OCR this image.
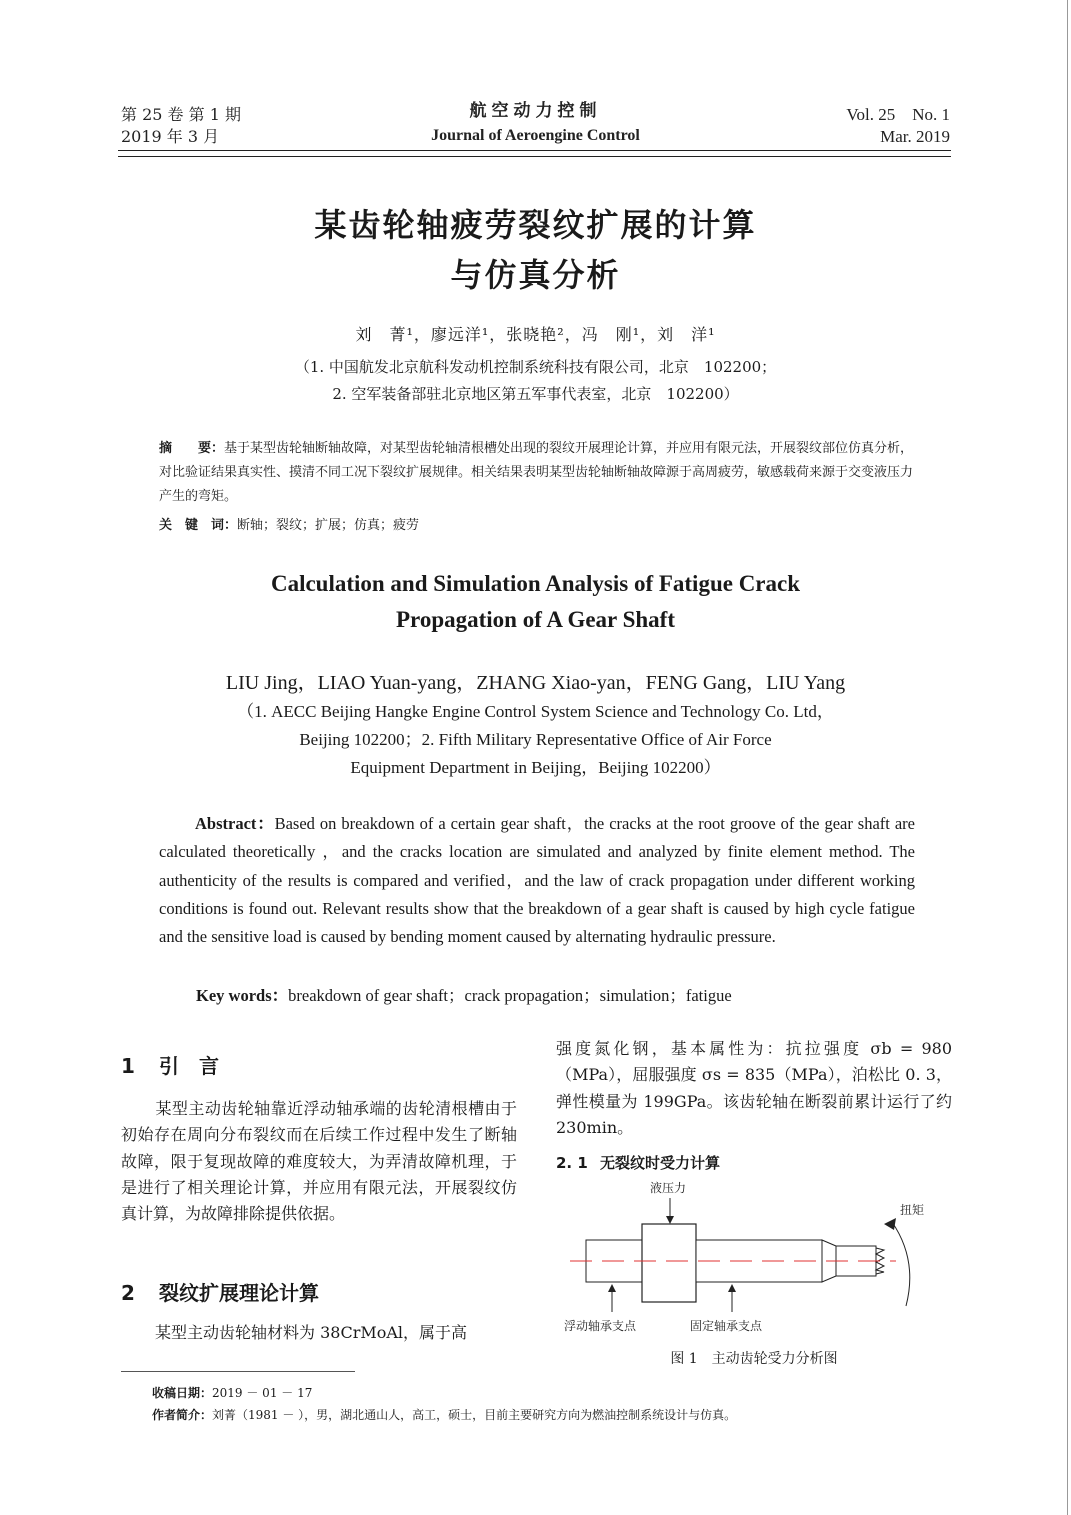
第 25 卷 第 1 期
2019 年 3 月
航空动力控制
Journal of Aeroengine Control
Vol. 25    No. 1
Mar. 2019
某齿轮轴疲劳裂纹扩展的计算
与仿真分析
刘　菁¹，廖远洋¹，张晓艳²，冯　刚¹，刘　洋¹
（1. 中国航发北京航科发动机控制系统科技有限公司，北京　102200；
2. 空军装备部驻北京地区第五军事代表室，北京　102200）
摘　　要：基于某型齿轮轴断轴故障，对某型齿轮轴清根槽处出现的裂纹开展理论计算，并应用有限元法，开展裂纹部位仿真分析，对比验证结果真实性、摸清不同工况下裂纹扩展规律。相关结果表明某型齿轮轴断轴故障源于高周疲劳，敏感载荷来源于交变液压力产生的弯矩。
关　键　词：断轴；裂纹；扩展；仿真；疲劳
Calculation and Simulation Analysis of Fatigue Crack
Propagation of A Gear Shaft
LIU Jing，LIAO Yuan-yang，ZHANG Xiao-yan，FENG Gang，LIU Yang
（1. AECC Beijing Hangke Engine Control System Science and Technology Co. Ltd，
Beijing 102200；2. Fifth Military Representative Office of Air Force
Equipment Department in Beijing，Beijing 102200）
Abstract：Based on breakdown of a certain gear shaft，the cracks at the root groove of the gear shaft are calculated theoretically ，and the cracks location are simulated and analyzed by finite element method. The authenticity of the results is compared and verified，and the law of crack propagation under different working conditions is found out. Relevant results show that the breakdown of a gear shaft is caused by high cycle fatigue and the sensitive load is caused by bending moment caused by alternating hydraulic pressure.
Key words：breakdown of gear shaft；crack propagation；simulation；fatigue
1 引　言
某型主动齿轮轴靠近浮动轴承端的齿轮清根槽由于初始存在周向分布裂纹而在后续工作过程中发生了断轴故障，限于复现故障的难度较大，为弄清故障机理，于是进行了相关理论计算，并应用有限元法，开展裂纹仿真计算，为故障排除提供依据。
2 裂纹扩展理论计算
某型主动齿轮轴材料为 38CrMoAl，属于高
强度氮化钢，基本属性为：抗拉强度 σb = 980（MPa），屈服强度 σs = 835（MPa），泊松比 0. 3，弹性模量为 199GPa。该齿轮轴在断裂前累计运行了约 230min。
2. 1 无裂纹时受力计算
液压力
扭矩
浮动轴承支点	固定轴承支点
图 1　主动齿轮受力分析图
收稿日期：2019 － 01 － 17
作者简介：刘菁（1981 － ），男，湖北通山人，高工，硕士，目前主要研究方向为燃油控制系统设计与仿真。
